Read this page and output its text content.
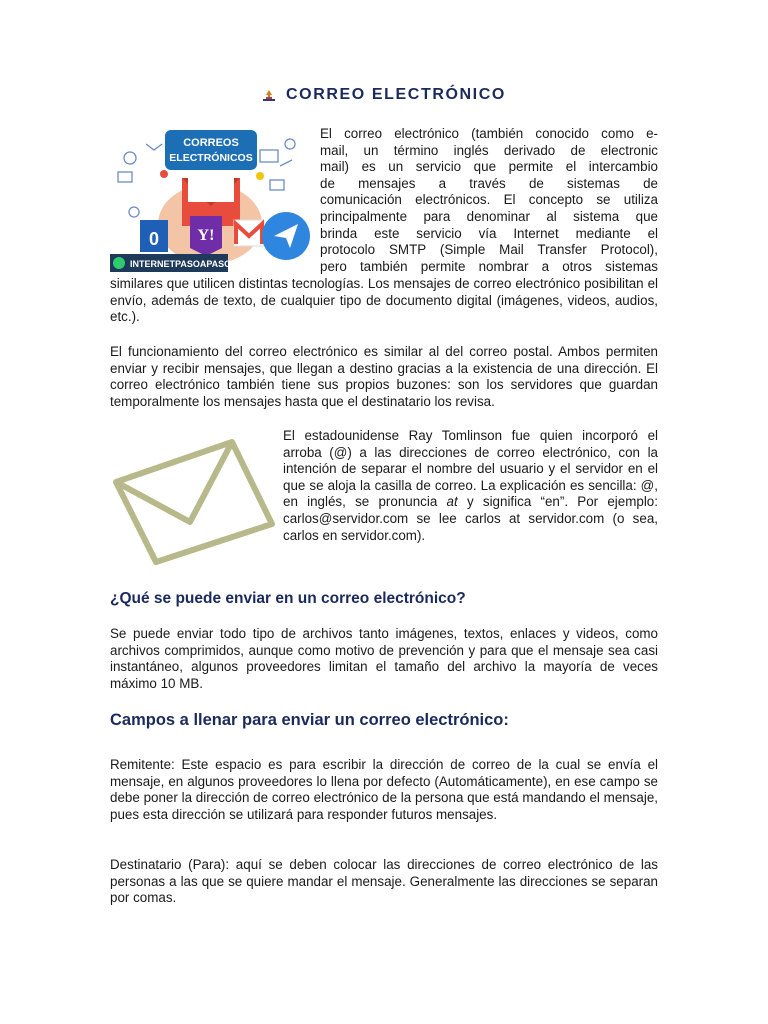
CORREO ELECTRÓNICO
CORREOS
ELECTRÓNICOS
0 Y!
INTERNETPASOAPASO
El correo electrónico (también conocido como e-
mail, un término inglés derivado de electronic
mail) es un servicio que permite el intercambio
de mensajes a través de sistemas de
comunicación electrónicos. El concepto se utiliza
principalmente para denominar al sistema que
brinda este servicio vía Internet mediante el
protocolo SMTP (Simple Mail Transfer Protocol),
pero también permite nombrar a otros sistemas

similares que utilicen distintas tecnologías. Los mensajes de correo electrónico posibilitan el envío, además de texto, de cualquier tipo de documento digital (imágenes, videos, audios, etc.).

El funcionamiento del correo electrónico es similar al del correo postal. Ambos permiten enviar y recibir mensajes, que llegan a destino gracias a la existencia de una dirección. El correo electrónico también tiene sus propios buzones: son los servidores que guardan temporalmente los mensajes hasta que el destinatario los revisa.

El estadounidense Ray Tomlinson fue quien incorporó el arroba (@) a las direcciones de correo electrónico, con la intención de separar el nombre del usuario y el servidor en el que se aloja la casilla de correo. La explicación es sencilla: @, en inglés, se pronuncia at y significa “en”. Por ejemplo: carlos@servidor.com se lee carlos at servidor.com (o sea, carlos en servidor.com).

¿Qué se puede enviar en un correo electrónico?

Se puede enviar todo tipo de archivos tanto imágenes, textos, enlaces y videos, como archivos comprimidos, aunque como motivo de prevención y para que el mensaje sea casi instantáneo, algunos proveedores limitan el tamaño del archivo la mayoría de veces máximo 10 MB.

Campos a llenar para enviar un correo electrónico:

Remitente: Este espacio es para escribir la dirección de correo de la cual se envía el mensaje, en algunos proveedores lo llena por defecto (Automáticamente), en ese campo se debe poner la dirección de correo electrónico de la persona que está mandando el mensaje, pues esta dirección se utilizará para responder futuros mensajes.

Destinatario (Para): aquí se deben colocar las direcciones de correo electrónico de las personas a las que se quiere mandar el mensaje. Generalmente las direcciones se separan por comas.
